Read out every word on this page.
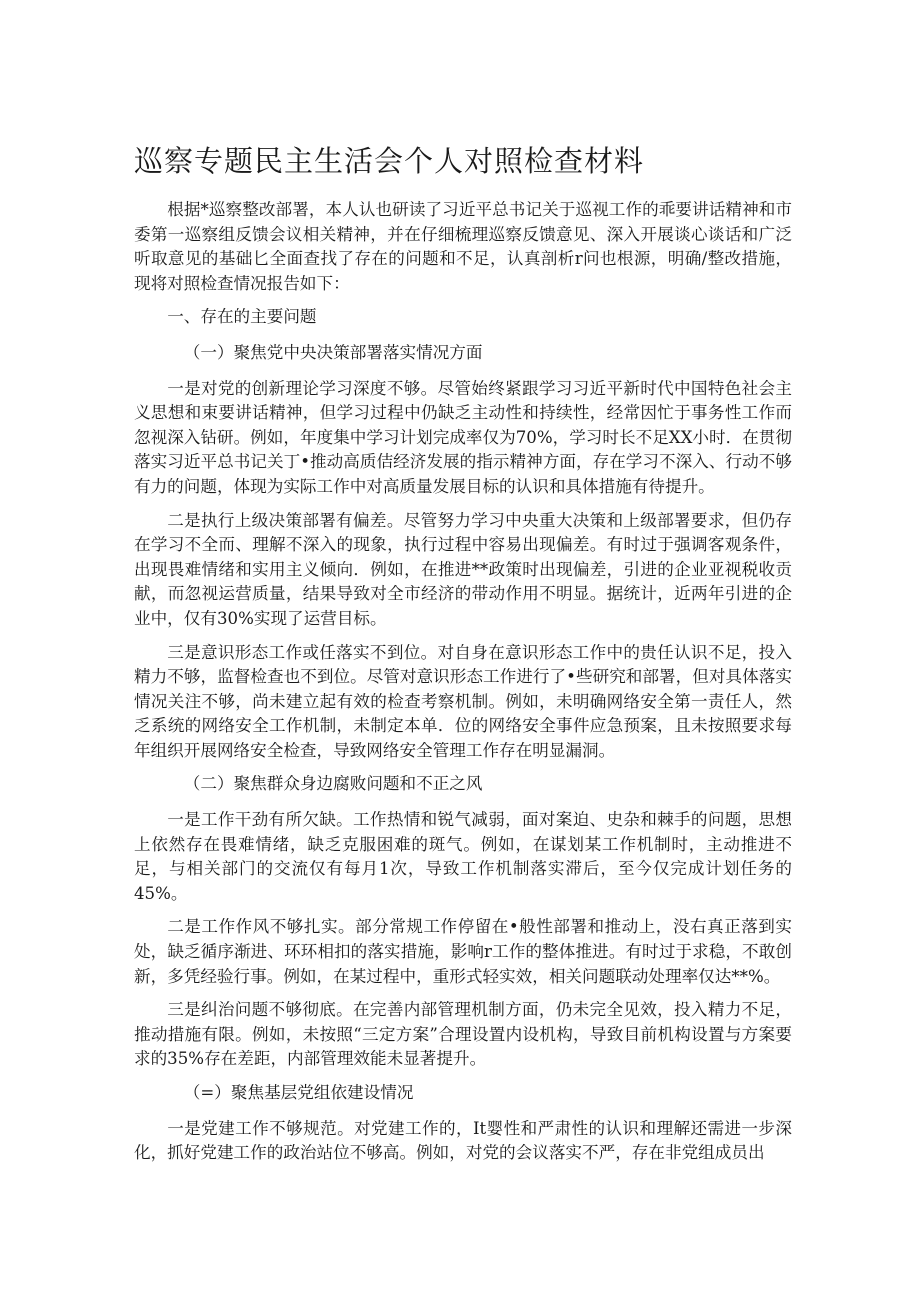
巡察专题民主生活会个人对照检查材料

根据*巡察整改部署，本人认也研读了习近平总书记关于巡视工作的乖要讲话精神和市委第一巡察组反馈会议相关精神，并在仔细梳理巡察反馈意见、深入开展谈心谈话和广泛听取意见的基础匕全面查找了存在的问题和不足，认真剖析r问也根源，明确/整改措施，现将对照检查情况报告如下：

一、存在的主要问题

（一）聚焦党中央决策部署落实情况方面

一是对党的创新理论学习深度不够。尽管始终紧跟学习习近平新时代中国特色社会主义思想和束要讲话精神，但学习过程中仍缺乏主动性和持续性，经常因忙于事务性工作而忽视深入钻研。例如，年度集中学习计划完成率仅为70%，学习时长不足XX小时．在贯彻落实习近平总书记关丁•推动高质佶经济发展的指示精神方面，存在学习不深入、行动不够有力的问题，体现为实际工作中对高质量发展目标的认识和具体措施有待提升。

二是执行上级决策部署有偏差。尽管努力学习中央重大决策和上级部署要求，但仍存在学习不全而、理解不深入的现象，执行过程中容易出现偏差。有时过于强调客观条件，出现畏难情绪和实用主义倾向．例如，在推进**政策时出现偏差，引进的企业亚视税收贡献，而忽视运营质量，结果导致对全市经济的带动作用不明显。据统计，近两年引进的企业中，仅有30%实现了运营目标。

三是意识形态工作或任落实不到位。对自身在意识形态工作中的贵任认识不足，投入精力不够，监督检查也不到位。尽管对意识形态工作进行了•些研究和部署，但对具体落实情况关注不够，尚未建立起有效的检查考察机制。例如，未明确网络安全第一责任人，然乏系统的网络安全工作机制，未制定本单．位的网络安全事件应急预案，且未按照要求每年组织开展网络安全检查，导致网络安全管理工作存在明显漏洞。

（二）聚焦群众身边腐败问题和不正之风

一是工作干劲有所欠缺。工作热情和锐气减弱，面对案迫、史杂和棘手的问题，思想上依然存在畏难情绪，缺乏克服困难的斑气。例如，在谋划某工作机制时，主动推进不足，与相关部门的交流仅有每月1次，导致工作机制落实滞后，至今仅完成计划任务的45%。

二是工作作风不够扎实。部分常规工作停留在•般性部署和推动上，没右真正落到实处，缺乏循序渐进、环环相扣的落实措施，影响r工作的整体推进。有时过于求稳，不敢创新，多凭经验行事。例如，在某过程中，重形式轻实效，相关问题联动处理率仅达**%。

三是纠治问题不够彻底。在完善内部管理机制方面，仍未完全见效，投入精力不足，推动措施有限。例如，未按照“三定方案”合理设置内设机构，导致目前机构设置与方案要求的35%存在差距，内部管理效能未显著提升。

（=）聚焦基层党组依建设情况

一是党建工作不够规范。对党建工作的，It婴性和严肃性的认识和理解还需进一步深化，抓好党建工作的政治站位不够高。例如，对党的会议落实不严，存在非党组成员出
